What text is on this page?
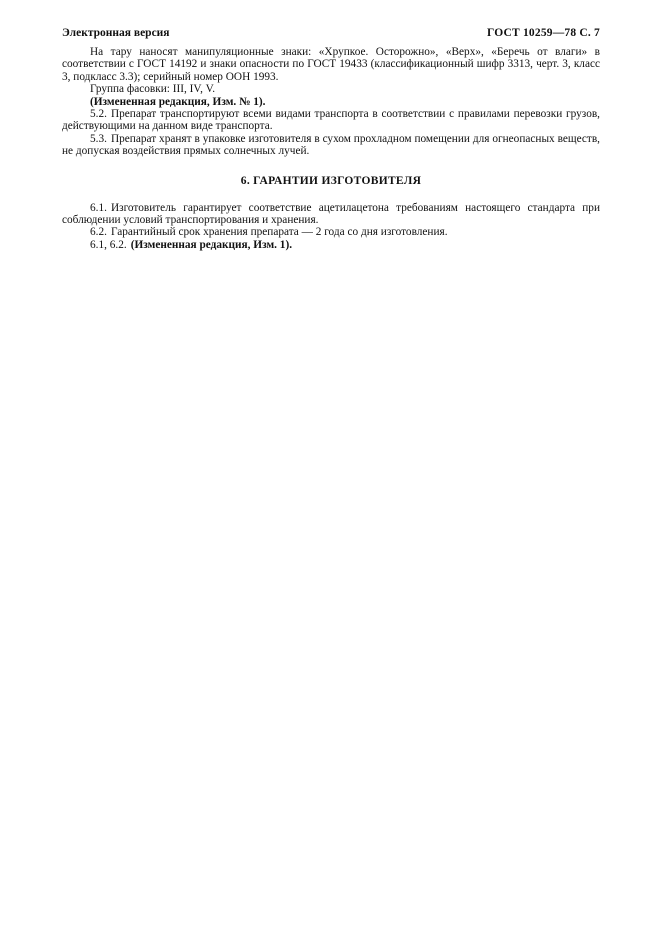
Электронная версия	ГОСТ 10259—78 С. 7

На тару наносят манипуляционные знаки: «Хрупкое. Осторожно», «Верх», «Беречь от влаги» в соответствии с ГОСТ 14192 и знаки опасности по ГОСТ 19433 (классификационный шифр 3313, черт. 3, класс 3, подкласс 3.3); серийный номер ООН 1993.

Группа фасовки: III, IV, V.

(Измененная редакция, Изм. № 1).

5.2. Препарат транспортируют всеми видами транспорта в соответствии с правилами перевозки грузов, действующими на данном виде транспорта.

5.3. Препарат хранят в упаковке изготовителя в сухом прохладном помещении для огнеопасных веществ, не допуская воздействия прямых солнечных лучей.

6. ГАРАНТИИ ИЗГОТОВИТЕЛЯ

6.1. Изготовитель гарантирует соответствие ацетилацетона требованиям настоящего стандарта при соблюдении условий транспортирования и хранения.

6.2. Гарантийный срок хранения препарата — 2 года со дня изготовления.

6.1, 6.2. (Измененная редакция, Изм. 1).
